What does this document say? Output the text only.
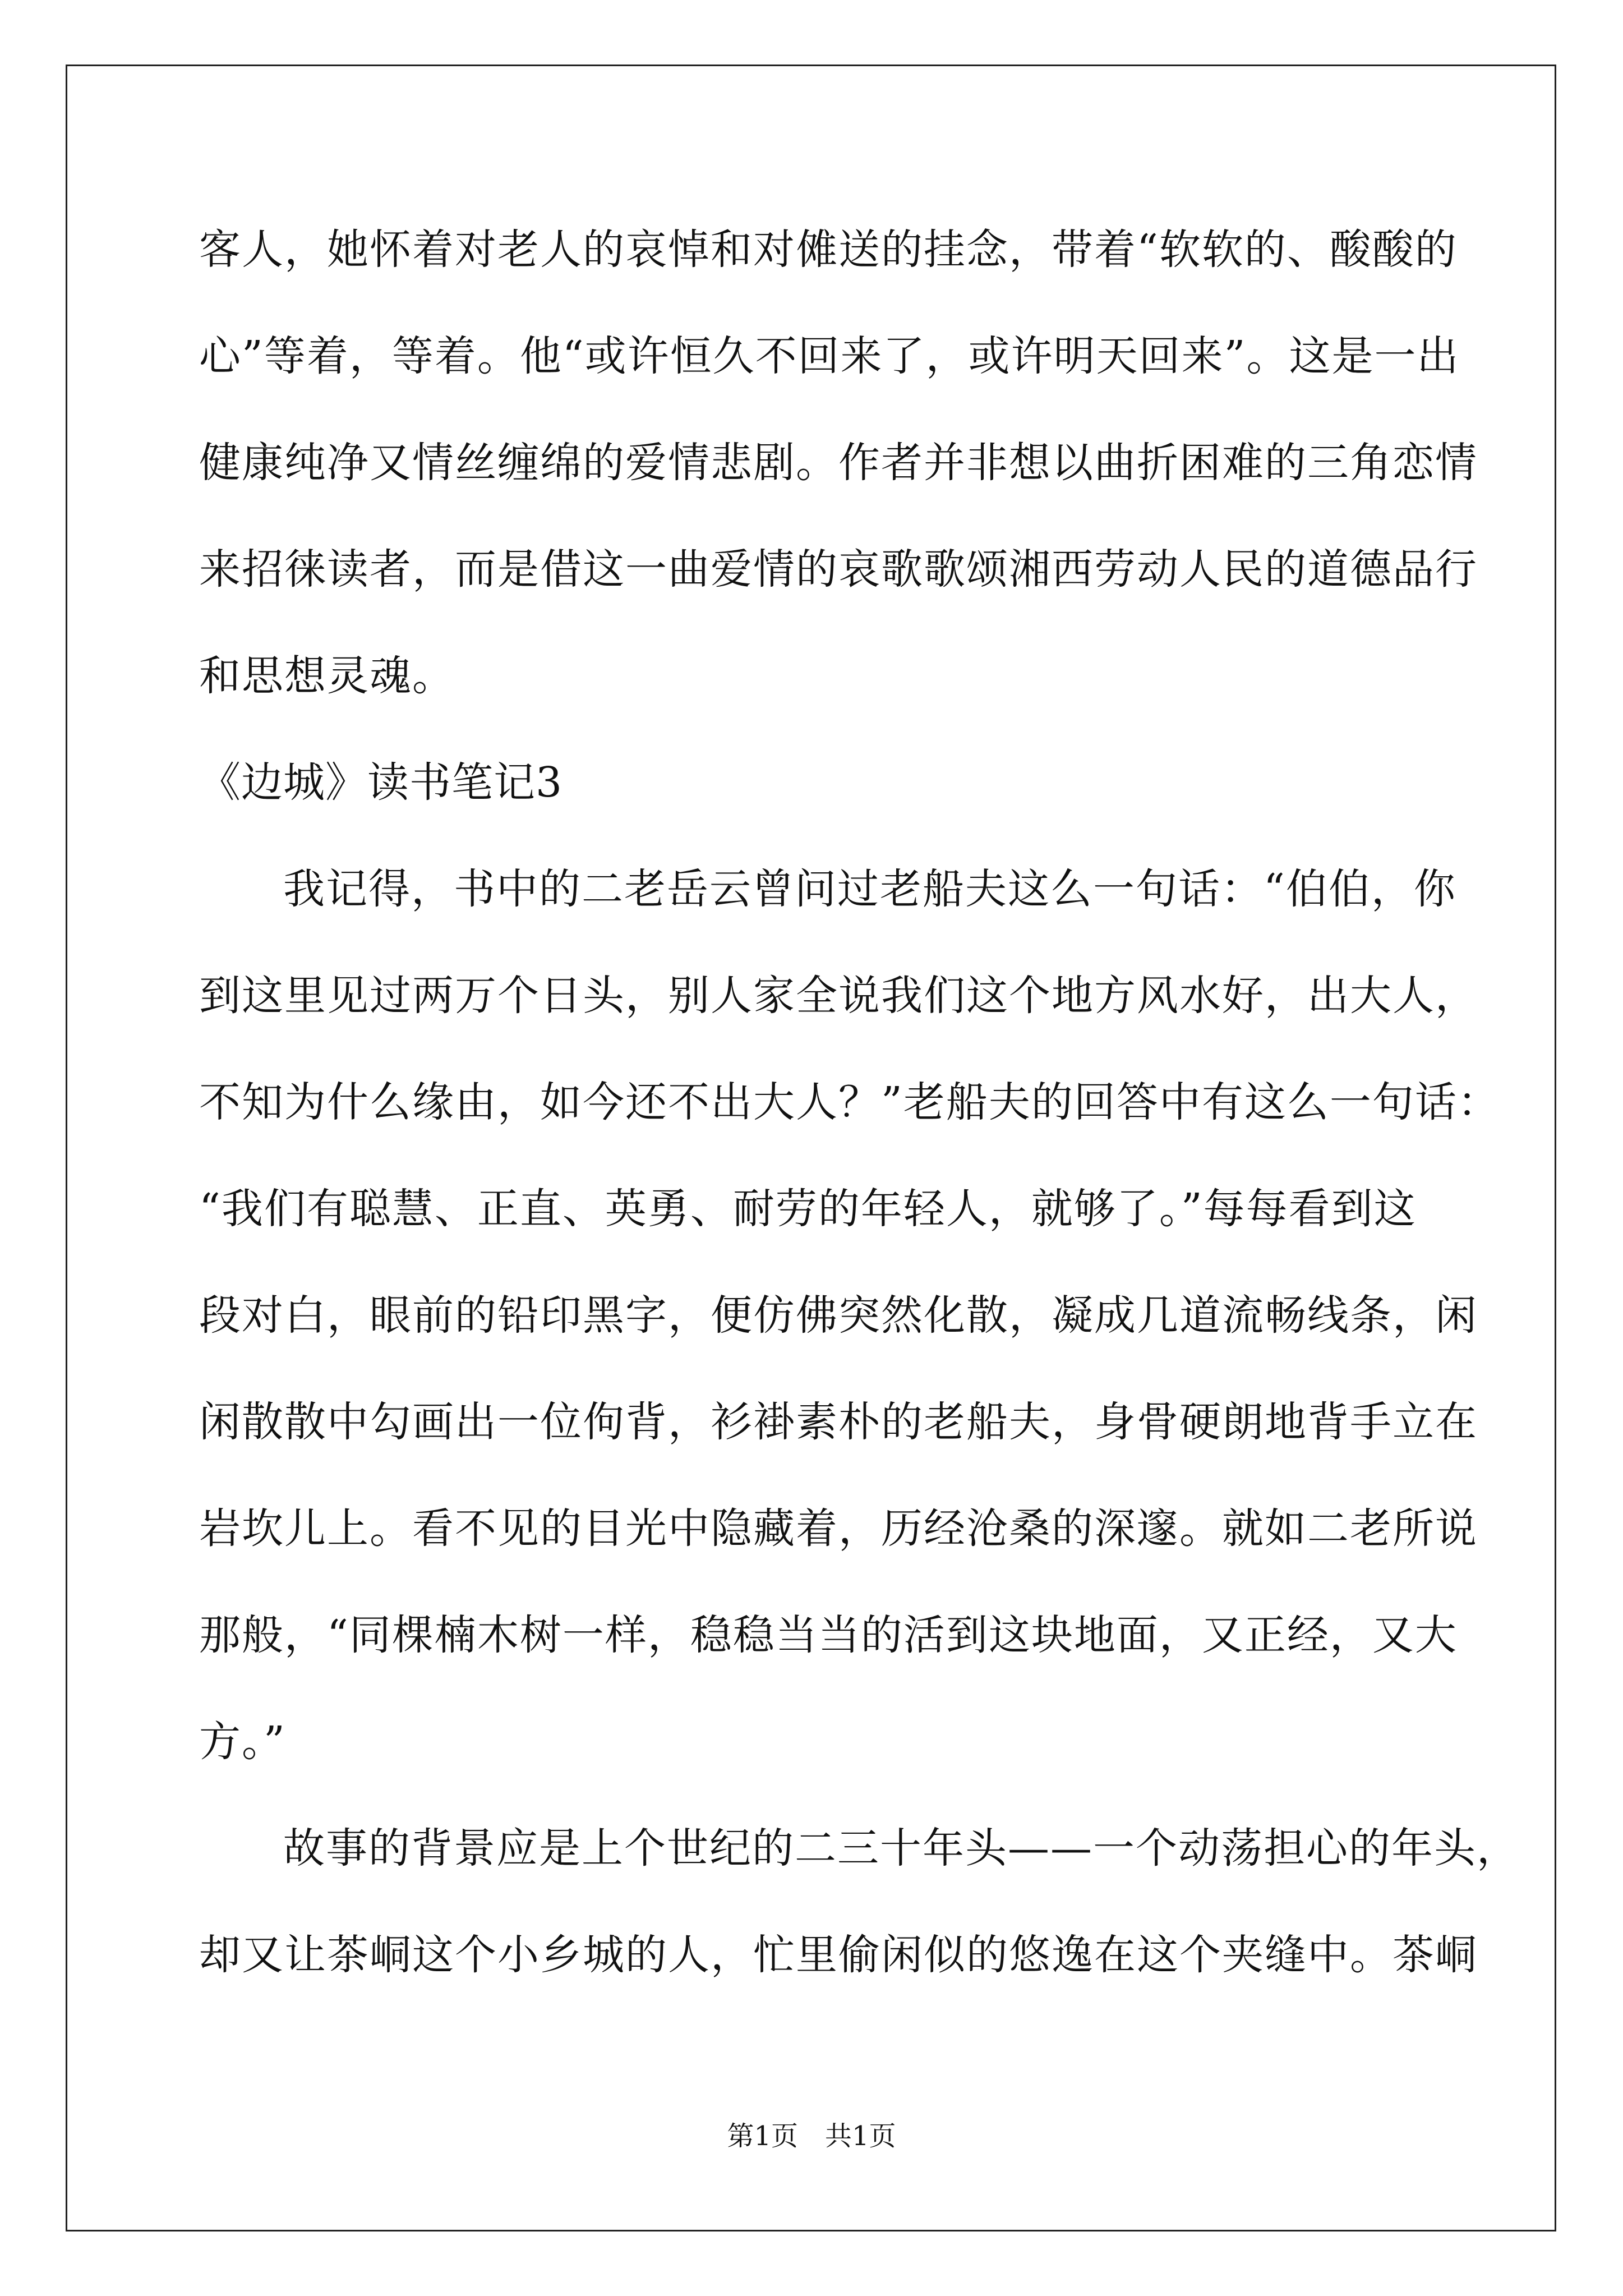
客人，她怀着对老人的哀悼和对傩送的挂念，带着“软软的、酸酸的
心”等着，等着。他“或许恒久不回来了，或许明天回来”。这是一出
健康纯净又情丝缠绵的爱情悲剧。作者并非想以曲折困难的三角恋情
来招徕读者，而是借这一曲爱情的哀歌歌颂湘西劳动人民的道德品行
和思想灵魂。
《边城》读书笔记3
我记得，书中的二老岳云曾问过老船夫这么一句话：“伯伯，你
到这里见过两万个日头，别人家全说我们这个地方风水好，出大人，
不知为什么缘由，如今还不出大人？”老船夫的回答中有这么一句话：
“我们有聪慧、正直、英勇、耐劳的年轻人，就够了。”每每看到这
段对白，眼前的铅印黑字，便仿佛突然化散，凝成几道流畅线条，闲
闲散散中勾画出一位佝背，衫褂素朴的老船夫，身骨硬朗地背手立在
岩坎儿上。看不见的目光中隐藏着，历经沧桑的深邃。就如二老所说
那般，“同棵楠木树一样，稳稳当当的活到这块地面，又正经，又大
方。”
故事的背景应是上个世纪的二三十年头——一个动荡担心的年头，
却又让茶峒这个小乡城的人，忙里偷闲似的悠逸在这个夹缝中。茶峒
第1页　共1页
